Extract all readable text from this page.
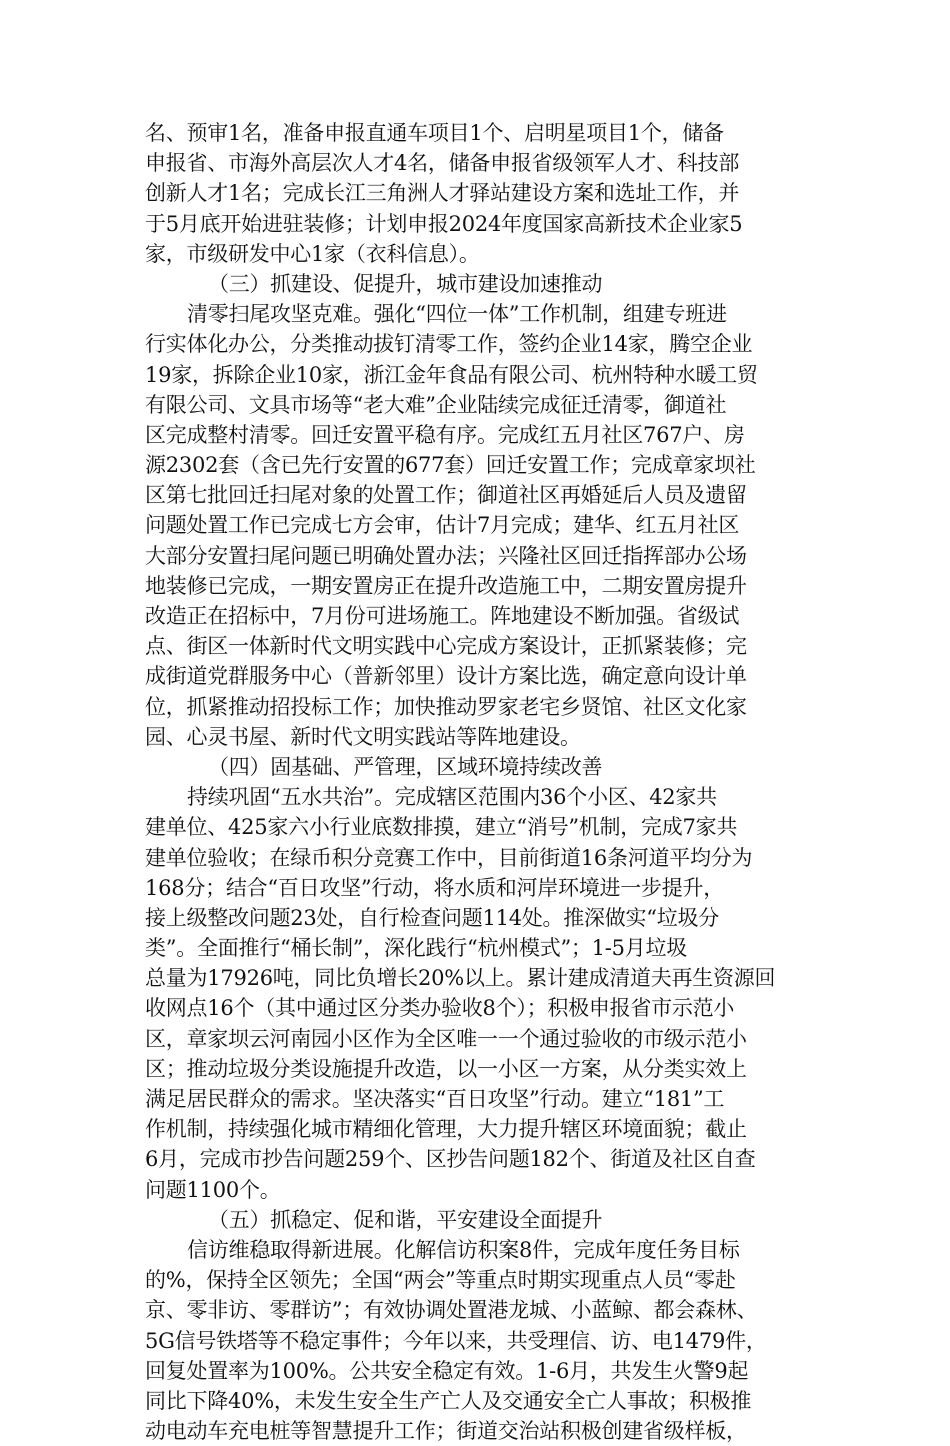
名、预审1名，准备申报直通车项目1个、启明星项目1个，储备
申报省、市海外高层次人才4名，储备申报省级领军人才、科技部
创新人才1名；完成长江三角洲人才驿站建设方案和选址工作，并
于5月底开始进驻装修；计划申报2024年度国家高新技术企业家5
家，市级研发中心1家（衣科信息）。
（三）抓建设、促提升，城市建设加速推动
清零扫尾攻坚克难。强化“四位一体”工作机制，组建专班进
行实体化办公，分类推动拔钉清零工作，签约企业14家，腾空企业
19家，拆除企业10家，浙江金年食品有限公司、杭州特种水暖工贸
有限公司、文具市场等“老大难”企业陆续完成征迁清零，御道社
区完成整村清零。回迁安置平稳有序。完成红五月社区767户、房
源2302套（含已先行安置的677套）回迁安置工作；完成章家坝社
区第七批回迁扫尾对象的处置工作；御道社区再婚延后人员及遗留
问题处置工作已完成七方会审，估计7月完成；建华、红五月社区
大部分安置扫尾问题已明确处置办法；兴隆社区回迁指挥部办公场
地装修已完成，一期安置房正在提升改造施工中，二期安置房提升
改造正在招标中，7月份可进场施工。阵地建设不断加强。省级试
点、街区一体新时代文明实践中心完成方案设计，正抓紧装修；完
成街道党群服务中心（普新邻里）设计方案比选，确定意向设计单
位，抓紧推动招投标工作；加快推动罗家老宅乡贤馆、社区文化家
园、心灵书屋、新时代文明实践站等阵地建设。
（四）固基础、严管理，区域环境持续改善
持续巩固“五水共治”。完成辖区范围内36个小区、42家共
建单位、425家六小行业底数排摸，建立“消号”机制，完成7家共
建单位验收；在绿币积分竞赛工作中，目前街道16条河道平均分为
168分；结合“百日攻坚”行动，将水质和河岸环境进一步提升，
接上级整改问题23处，自行检查问题114处。推深做实“垃圾分
类”。全面推行“桶长制”，深化践行“杭州模式”；1-5月垃圾
总量为17926吨，同比负增长20%以上。累计建成清道夫再生资源回
收网点16个（其中通过区分类办验收8个）；积极申报省市示范小
区，章家坝云河南园小区作为全区唯一一个通过验收的市级示范小
区；推动垃圾分类设施提升改造，以一小区一方案，从分类实效上
满足居民群众的需求。坚决落实“百日攻坚”行动。建立“181”工
作机制，持续强化城市精细化管理，大力提升辖区环境面貌；截止
6月，完成市抄告问题259个、区抄告问题182个、街道及社区自查
问题1100个。
（五）抓稳定、促和谐，平安建设全面提升
信访维稳取得新进展。化解信访积案8件，完成年度任务目标
的%，保持全区领先；全国“两会”等重点时期实现重点人员“零赴
京、零非访、零群访”；有效协调处置港龙城、小蓝鲸、都会森林、
5G信号铁塔等不稳定事件；今年以来，共受理信、访、电1479件，
回复处置率为100%。公共安全稳定有效。1-6月，共发生火警9起
同比下降40%，未发生安全生产亡人及交通安全亡人事故；积极推
动电动车充电桩等智慧提升工作；街道交治站积极创建省级样板，
